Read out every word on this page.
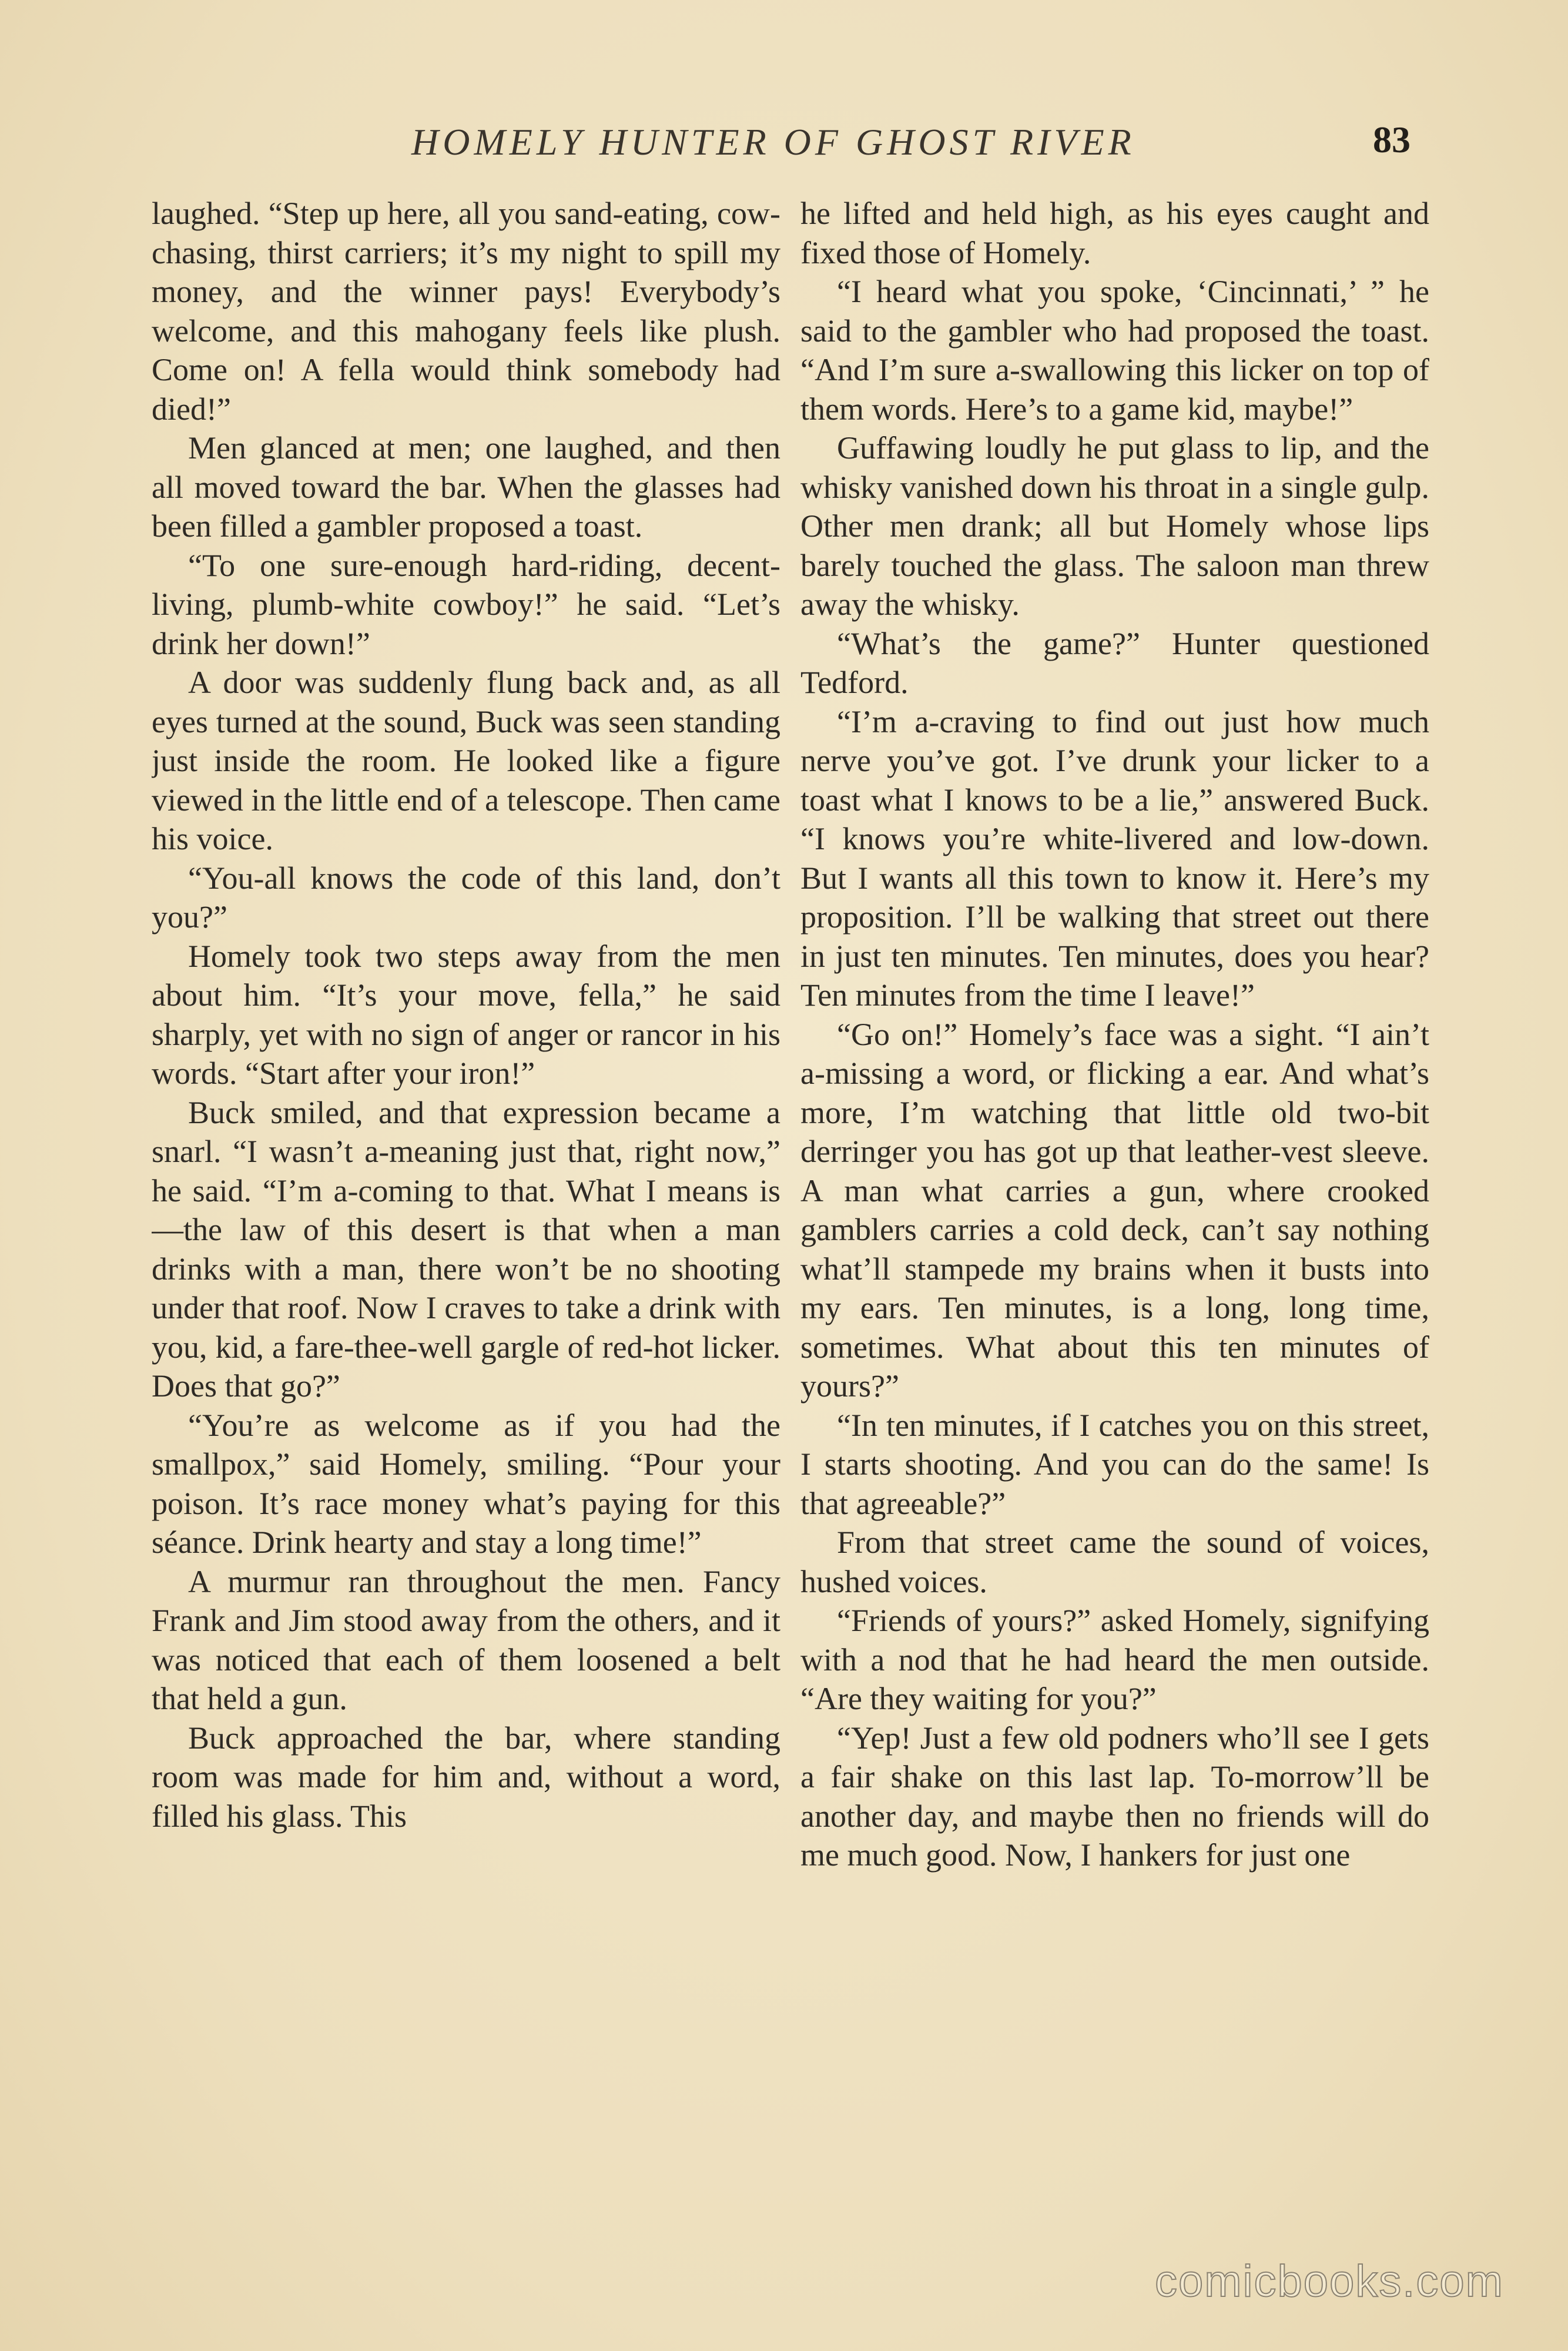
HOMELY HUNTER OF GHOST RIVER	83

laughed. “Step up here, all you sand-eating, cow-chasing, thirst carriers; it’s my night to spill my money, and the winner pays! Everybody’s welcome, and this mahogany feels like plush. Come on! A fella would think somebody had died!”

Men glanced at men; one laughed, and then all moved toward the bar. When the glasses had been filled a gambler proposed a toast.

“To one sure-enough hard-riding, decent-living, plumb-white cowboy!” he said. “Let’s drink her down!”

A door was suddenly flung back and, as all eyes turned at the sound, Buck was seen standing just inside the room. He looked like a figure viewed in the little end of a telescope. Then came his voice.

“You-all knows the code of this land, don’t you?”

Homely took two steps away from the men about him. “It’s your move, fella,” he said sharply, yet with no sign of anger or rancor in his words. “Start after your iron!”

Buck smiled, and that expression became a snarl. “I wasn’t a-meaning just that, right now,” he said. “I’m a-coming to that. What I means is—the law of this desert is that when a man drinks with a man, there won’t be no shooting under that roof. Now I craves to take a drink with you, kid, a fare-thee-well gargle of red-hot licker. Does that go?”

“You’re as welcome as if you had the smallpox,” said Homely, smiling. “Pour your poison. It’s race money what’s paying for this séance. Drink hearty and stay a long time!”

A murmur ran throughout the men. Fancy Frank and Jim stood away from the others, and it was noticed that each of them loosened a belt that held a gun.

Buck approached the bar, where standing room was made for him and, without a word, filled his glass. This

he lifted and held high, as his eyes caught and fixed those of Homely.

“I heard what you spoke, ‘Cincinnati,’ ” he said to the gambler who had proposed the toast. “And I’m sure a-swallowing this licker on top of them words. Here’s to a game kid, maybe!”

Guffawing loudly he put glass to lip, and the whisky vanished down his throat in a single gulp. Other men drank; all but Homely whose lips barely touched the glass. The saloon man threw away the whisky.

“What’s the game?” Hunter questioned Tedford.

“I’m a-craving to find out just how much nerve you’ve got. I’ve drunk your licker to a toast what I knows to be a lie,” answered Buck. “I knows you’re white-livered and low-down. But I wants all this town to know it. Here’s my proposition. I’ll be walking that street out there in just ten minutes. Ten minutes, does you hear? Ten minutes from the time I leave!”

“Go on!” Homely’s face was a sight. “I ain’t a-missing a word, or flicking a ear. And what’s more, I’m watching that little old two-bit derringer you has got up that leather-vest sleeve. A man what carries a gun, where crooked gamblers carries a cold deck, can’t say nothing what’ll stampede my brains when it busts into my ears. Ten minutes, is a long, long time, sometimes. What about this ten minutes of yours?”

“In ten minutes, if I catches you on this street, I starts shooting. And you can do the same! Is that agreeable?”

From that street came the sound of voices, hushed voices.

“Friends of yours?” asked Homely, signifying with a nod that he had heard the men outside. “Are they waiting for you?”

“Yep! Just a few old podners who’ll see I gets a fair shake on this last lap. To-morrow’ll be another day, and maybe then no friends will do me much good. Now, I hankers for just one

comicbooks.com
